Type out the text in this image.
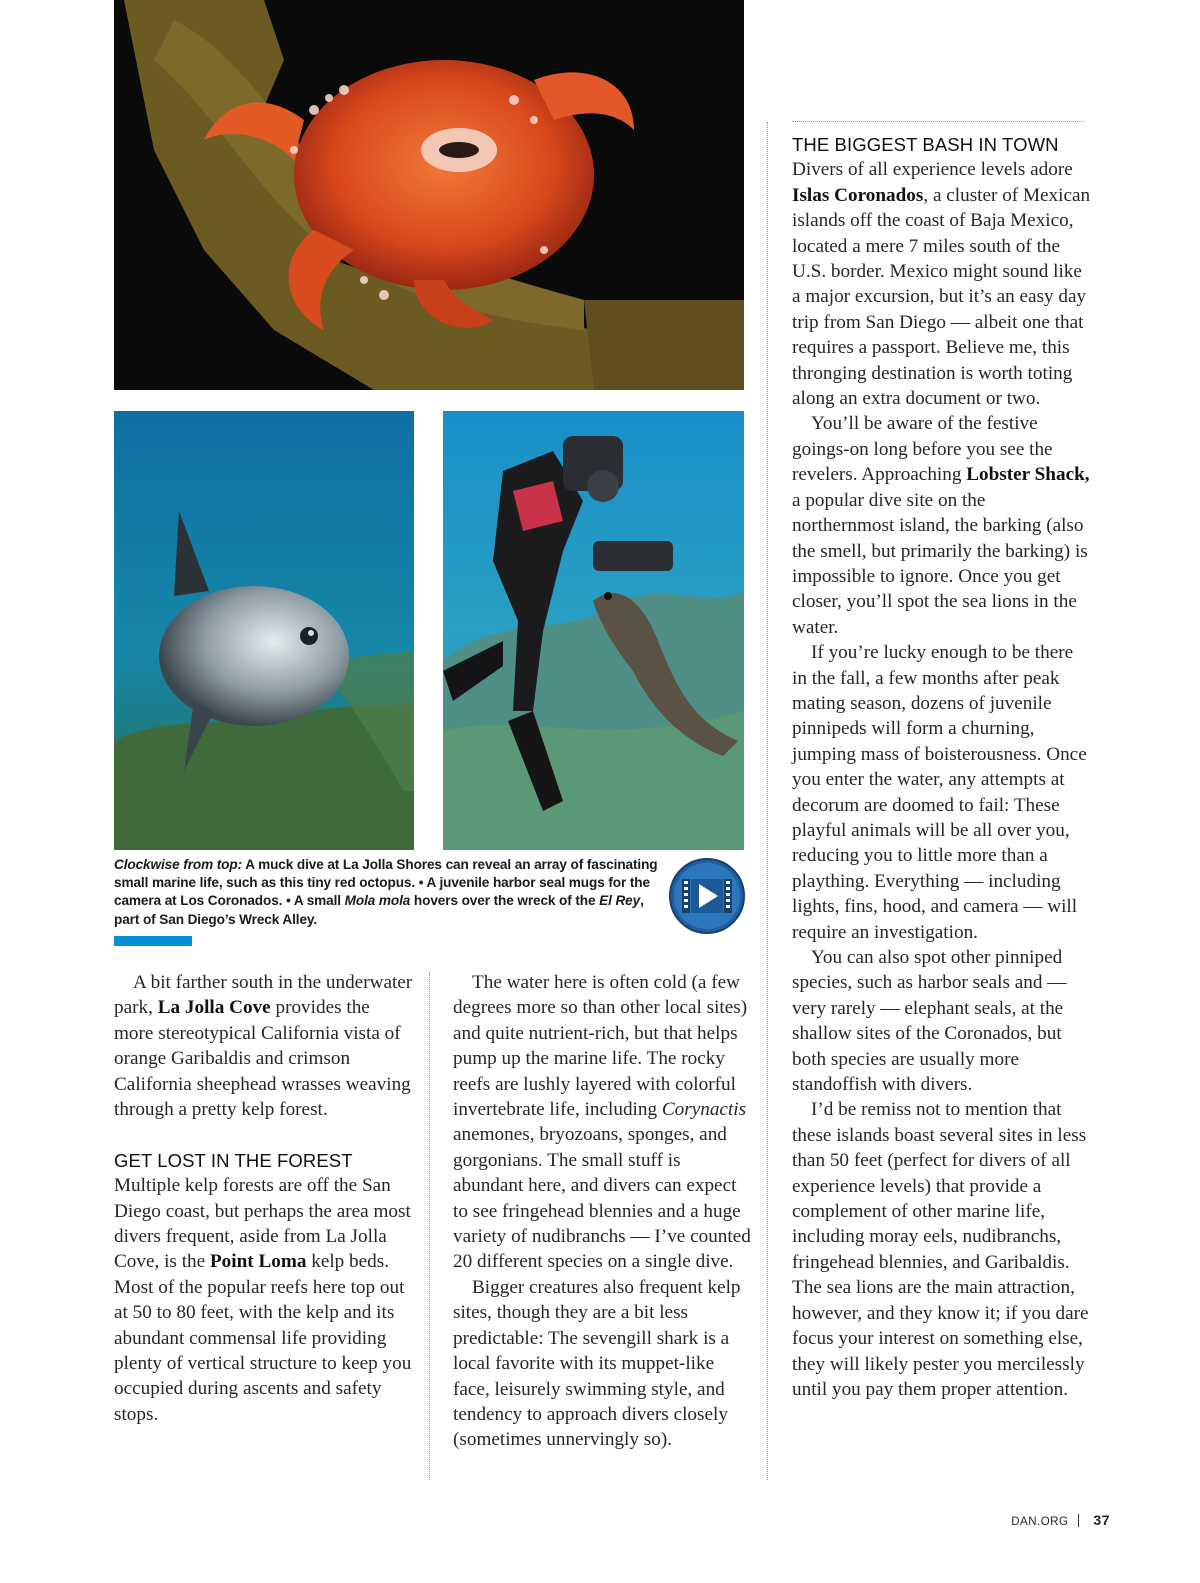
Clockwise from top: A muck dive at La Jolla Shores can reveal an array of fascinating small marine life, such as this tiny red octopus. • A juvenile harbor seal mugs for the camera at Los Coronados. • A small Mola mola hovers over the wreck of the El Rey, part of San Diego’s Wreck Alley.

A bit farther south in the underwater park, La Jolla Cove provides the more stereotypical California vista of orange Garibaldis and crimson California sheephead wrasses weaving through a pretty kelp forest.

GET LOST IN THE FOREST

Multiple kelp forests are off the San Diego coast, but perhaps the area most divers frequent, aside from La Jolla Cove, is the Point Loma kelp beds. Most of the popular reefs here top out at 50 to 80 feet, with the kelp and its abundant commensal life providing plenty of vertical structure to keep you occupied during ascents and safety stops.

The water here is often cold (a few degrees more so than other local sites) and quite nutrient-rich, but that helps pump up the marine life. The rocky reefs are lushly layered with colorful invertebrate life, including Corynactis anemones, bryozoans, sponges, and gorgonians. The small stuff is abundant here, and divers can expect to see fringehead blennies and a huge variety of nudibranchs — I’ve counted 20 different species on a single dive.

Bigger creatures also frequent kelp sites, though they are a bit less predictable: The sevengill shark is a local favorite with its muppet-like face, leisurely swimming style, and tendency to approach divers closely (sometimes unnervingly so).

THE BIGGEST BASH IN TOWN

Divers of all experience levels adore Islas Coronados, a cluster of Mexican islands off the coast of Baja Mexico, located a mere 7 miles south of the U.S. border. Mexico might sound like a major excursion, but it’s an easy day trip from San Diego — albeit one that requires a passport. Believe me, this thronging destination is worth toting along an extra document or two.

You’ll be aware of the festive goings-on long before you see the revelers. Approaching Lobster Shack, a popular dive site on the northernmost island, the barking (also the smell, but primarily the barking) is impossible to ignore. Once you get closer, you’ll spot the sea lions in the water.

If you’re lucky enough to be there in the fall, a few months after peak mating season, dozens of juvenile pinnipeds will form a churning, jumping mass of boisterousness. Once you enter the water, any attempts at decorum are doomed to fail: These playful animals will be all over you, reducing you to little more than a plaything. Everything — including lights, fins, hood, and camera — will require an investigation.

You can also spot other pinniped species, such as harbor seals and — very rarely — elephant seals, at the shallow sites of the Coronados, but both species are usually more standoffish with divers.

I’d be remiss not to mention that these islands boast several sites in less than 50 feet (perfect for divers of all experience levels) that provide a complement of other marine life, including moray eels, nudibranchs, fringehead blennies, and Garibaldis. The sea lions are the main attraction, however, and they know it; if you dare focus your interest on something else, they will likely pester you mercilessly until you pay them proper attention.

DAN.ORG 37
